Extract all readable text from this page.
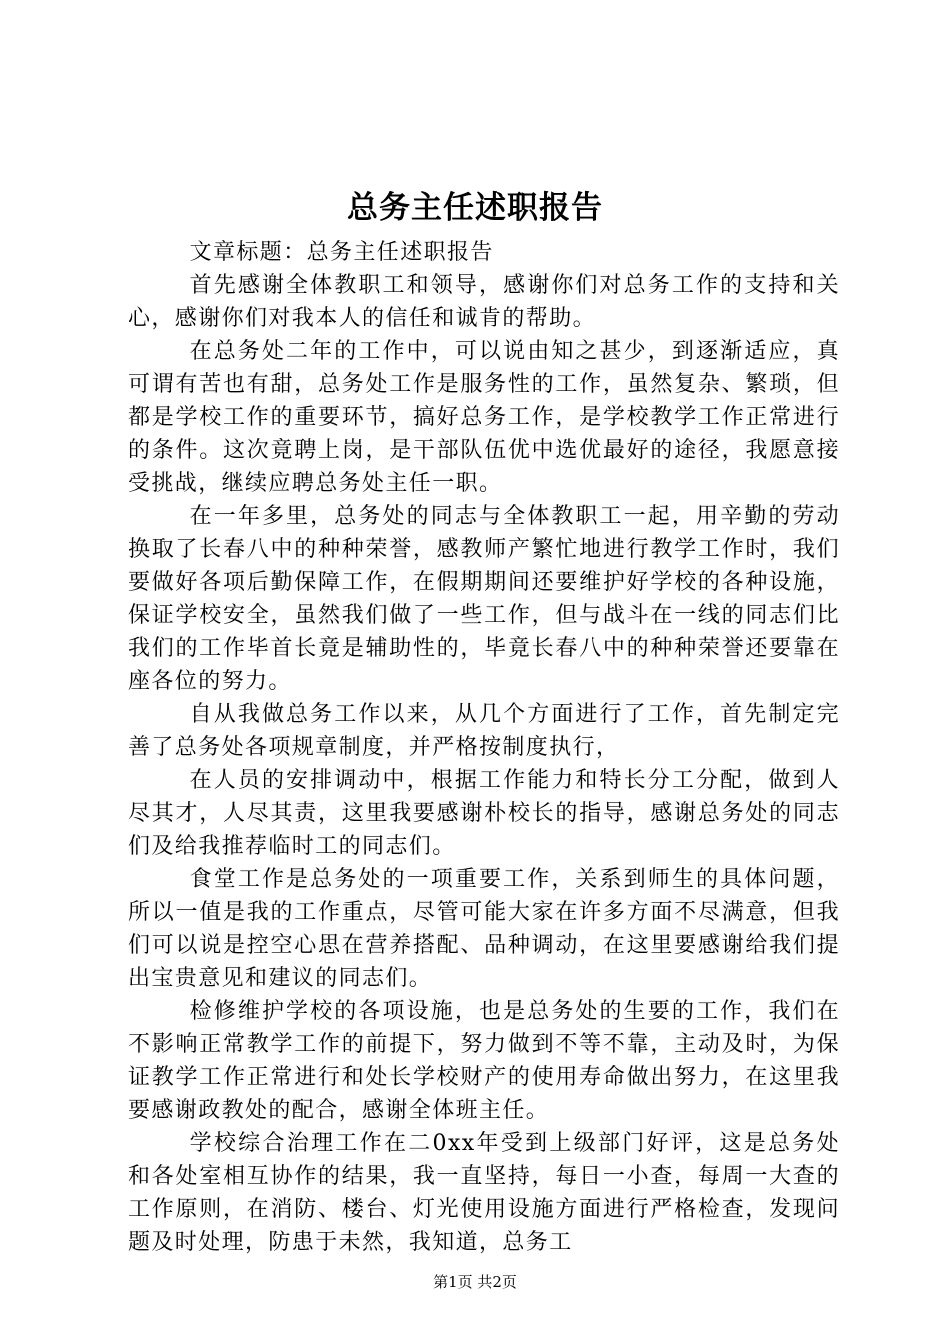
总务主任述职报告

文章标题：总务主任述职报告

首先感谢全体教职工和领导，感谢你们对总务工作的支持和关心，感谢你们对我本人的信任和诚肯的帮助。

在总务处二年的工作中，可以说由知之甚少，到逐渐适应，真可谓有苦也有甜，总务处工作是服务性的工作，虽然复杂、繁琐，但都是学校工作的重要环节，搞好总务工作，是学校教学工作正常进行的条件。这次竟聘上岗，是干部队伍优中选优最好的途径，我愿意接受挑战，继续应聘总务处主任一职。

在一年多里，总务处的同志与全体教职工一起，用辛勤的劳动换取了长春八中的种种荣誉，感教师产繁忙地进行教学工作时，我们要做好各项后勤保障工作，在假期期间还要维护好学校的各种设施，保证学校安全，虽然我们做了一些工作，但与战斗在一线的同志们比我们的工作毕首长竟是辅助性的，毕竟长春八中的种种荣誉还要靠在座各位的努力。

自从我做总务工作以来，从几个方面进行了工作，首先制定完善了总务处各项规章制度，并严格按制度执行，

在人员的安排调动中，根据工作能力和特长分工分配，做到人尽其才，人尽其责，这里我要感谢朴校长的指导，感谢总务处的同志们及给我推荐临时工的同志们。

食堂工作是总务处的一项重要工作，关系到师生的具体问题，所以一值是我的工作重点，尽管可能大家在许多方面不尽满意，但我们可以说是控空心思在营养搭配、品种调动，在这里要感谢给我们提出宝贵意见和建议的同志们。

检修维护学校的各项设施，也是总务处的生要的工作，我们在不影响正常教学工作的前提下，努力做到不等不靠，主动及时，为保证教学工作正常进行和处长学校财产的使用寿命做出努力，在这里我要感谢政教处的配合，感谢全体班主任。

学校综合治理工作在二0xx年受到上级部门好评，这是总务处和各处室相互协作的结果，我一直坚持，每日一小查，每周一大查的工作原则，在消防、楼台、灯光使用设施方面进行严格检查，发现问题及时处理，防患于未然，我知道，总务工

第1页 共2页
